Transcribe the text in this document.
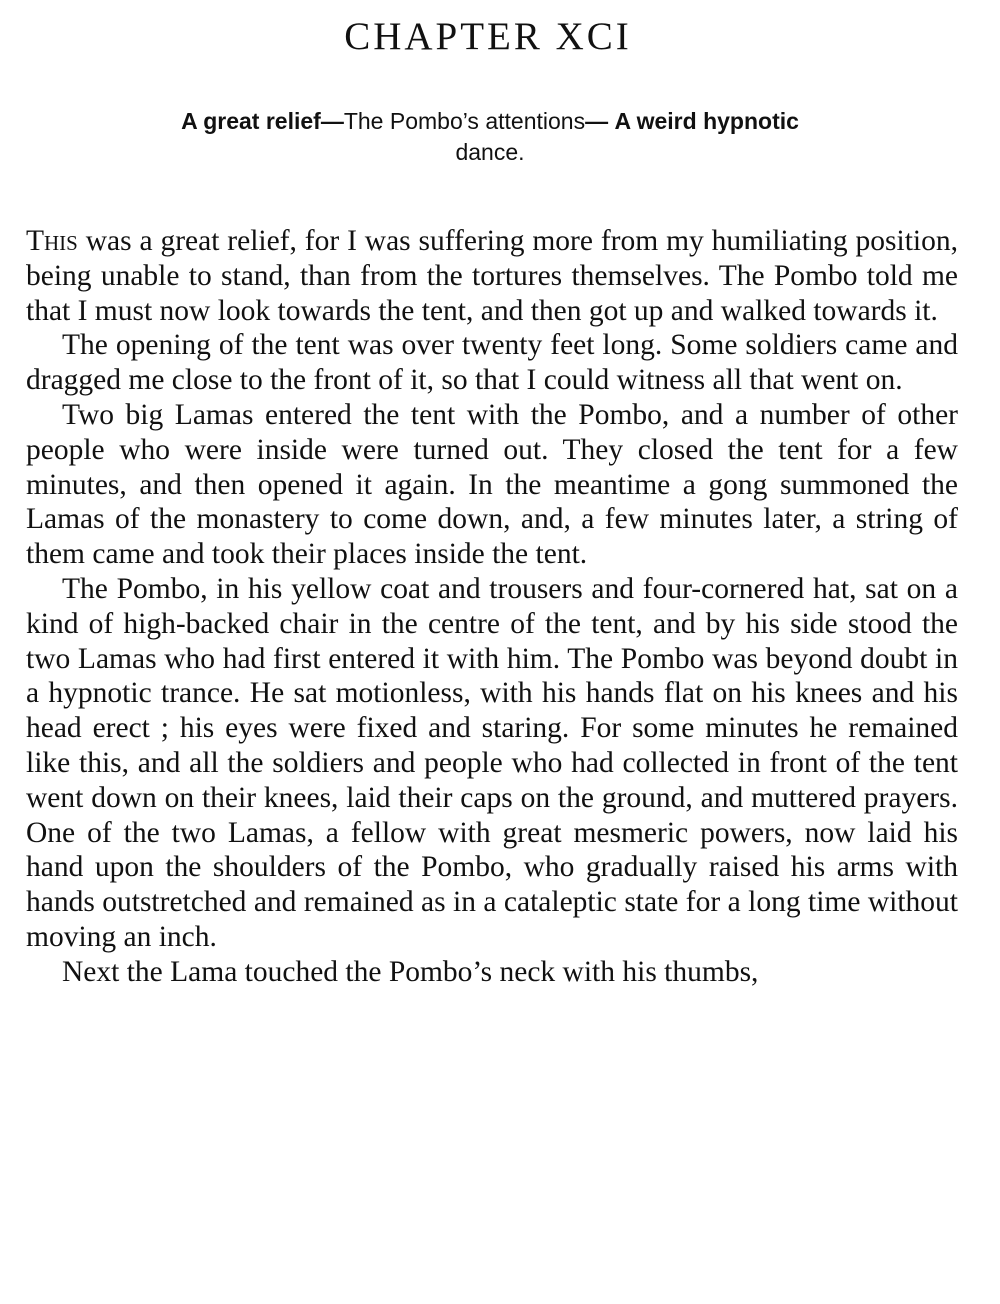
CHAPTER XCI

A great relief—The Pombo’s attentions— A weird hypnotic
dance.

This was a great relief, for I was suffering more from my humiliating position, being unable to stand, than from the tortures themselves. The Pombo told me that I must now look towards the tent, and then got up and walked towards it.

The opening of the tent was over twenty feet long. Some soldiers came and dragged me close to the front of it, so that I could witness all that went on.

Two big Lamas entered the tent with the Pombo, and a number of other people who were inside were turned out. They closed the tent for a few minutes, and then opened it again. In the meantime a gong summoned the Lamas of the monastery to come down, and, a few minutes later, a string of them came and took their places inside the tent.

The Pombo, in his yellow coat and trousers and four-cornered hat, sat on a kind of high-backed chair in the centre of the tent, and by his side stood the two Lamas who had first entered it with him. The Pombo was beyond doubt in a hypnotic trance. He sat motionless, with his hands flat on his knees and his head erect ; his eyes were fixed and staring. For some minutes he remained like this, and all the soldiers and people who had collected in front of the tent went down on their knees, laid their caps on the ground, and muttered prayers. One of the two Lamas, a fellow with great mesmeric powers, now laid his hand upon the shoulders of the Pombo, who gradually raised his arms with hands outstretched and remained as in a cataleptic state for a long time without moving an inch.

Next the Lama touched the Pombo’s neck with his thumbs,
